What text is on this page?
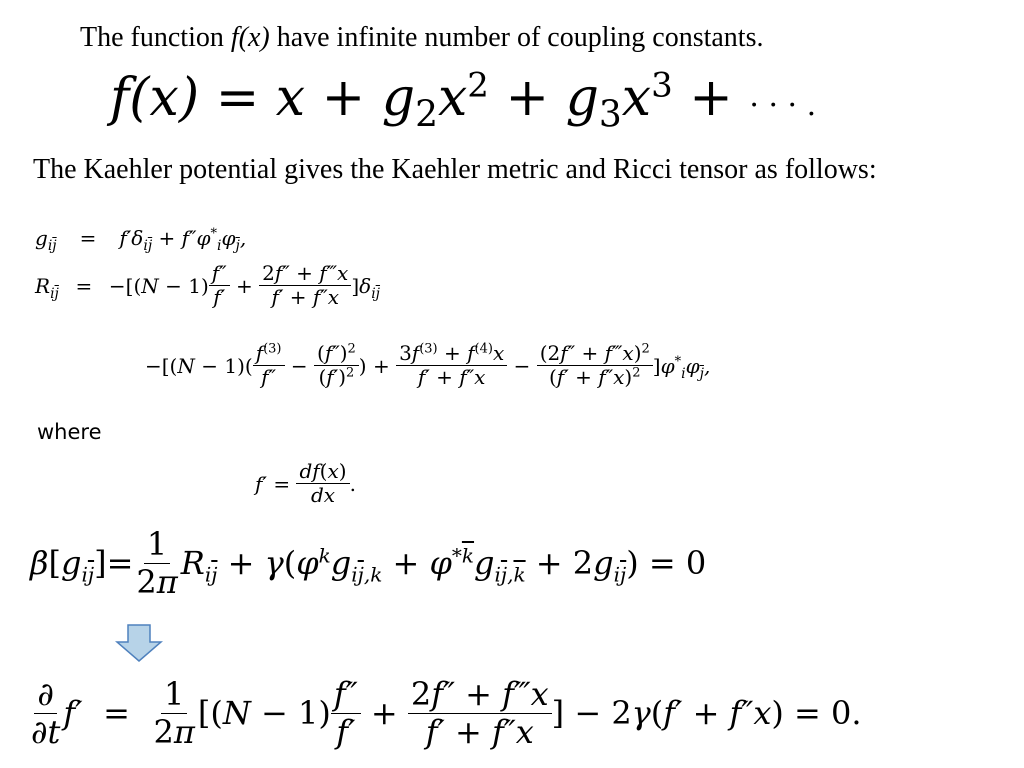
The function f(x) have infinite number of coupling constants.
$f(x) = x + g_2x^2 + g_3x^3$ + · · · .
The Kaehler potential gives the Kaehler metric and Ricci tensor as follows:
$g_{i\overline{j}} = f'\delta_{i\overline{j}} + f''\varphi^*_i\varphi_{\overline{j}}$,
$R_{i\overline{j}} = -[(N - 1) \frac{f''}{f'} + \frac{2f'' + f‴x}{f' + f''x} ]\delta_{i\overline{j}}$
$-[(N - 1)( \frac{f^{(3)}}{f''} - \frac{(f'')^2}{(f')^2}$ ) + $\frac{3f^{(3)} + f^{(4)}x}{f' + f''x} - \frac{(2f'' + f‴x)^2}{(f' + f''x)^2} ]\varphi^*_i\varphi_{\overline{j}}$,
where
$f' = \frac{df(x)}{dx}$ .
$\beta[g_{i\overline{j}}]= \frac{1}{2\pi} R_{i\overline{j}} + \gamma(\varphi^kg_{i\overline{j},k} + \varphi^{*\overline{k}}g_{i\overline{j},\overline{k}} + 2g_{i\overline{j}}) = 0$
$\frac{\partial}{\partial t} f' = \frac{1}{2\pi} [(N - 1) \frac{f''}{f'} + \frac{2f'' + f‴x}{f' + f''x}$ ] − 2γ(f′ + f″x) = 0.
